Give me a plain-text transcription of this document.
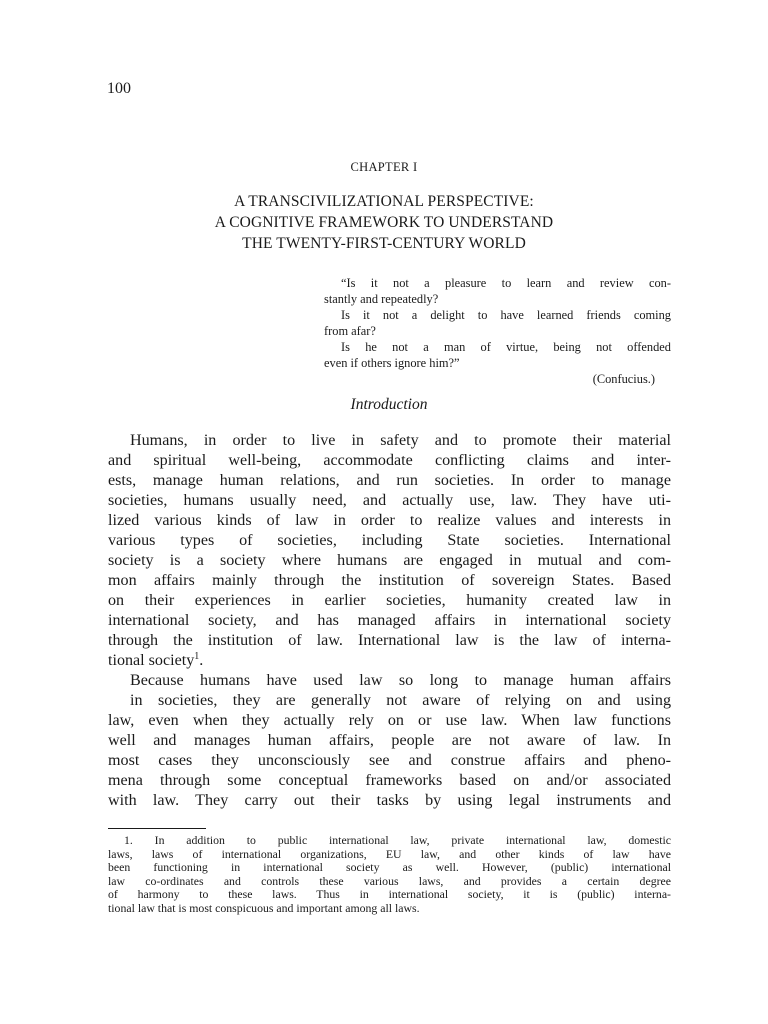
100
CHAPTER I
A TRANSCIVILIZATIONAL PERSPECTIVE:
A COGNITIVE FRAMEWORK TO UNDERSTAND
THE TWENTY-FIRST-CENTURY WORLD
“Is it not a pleasure to learn and review con-
stantly and repeatedly?
Is it not a delight to have learned friends coming
from afar?
Is he not a man of virtue, being not offended
even if others ignore him?”
(Confucius.)
Introduction
Humans, in order to live in safety and to promote their material
and spiritual well-being, accommodate conflicting claims and inter-
ests, manage human relations, and run societies. In order to manage
societies, humans usually need, and actually use, law. They have uti-
lized various kinds of law in order to realize values and interests in
various types of societies, including State societies. International
society is a society where humans are engaged in mutual and com-
mon affairs mainly through the institution of sovereign States. Based
on their experiences in earlier societies, humanity created law in
international society, and has managed affairs in international society
through the institution of law. International law is the law of interna-
tional society$^1$.
Because humans have used law so long to manage human affairs
in societies, they are generally not aware of relying on and using
law, even when they actually rely on or use law. When law functions
well and manages human affairs, people are not aware of law. In
most cases they unconsciously see and construe affairs and pheno-
mena through some conceptual frameworks based on and/or associated
with law. They carry out their tasks by using legal instruments and
1. In addition to public international law, private international law, domestic
laws, laws of international organizations, EU law, and other kinds of law have
been functioning in international society as well. However, (public) international
law co-ordinates and controls these various laws, and provides a certain degree
of harmony to these laws. Thus in international society, it is (public) interna-
tional law that is most conspicuous and important among all laws.
